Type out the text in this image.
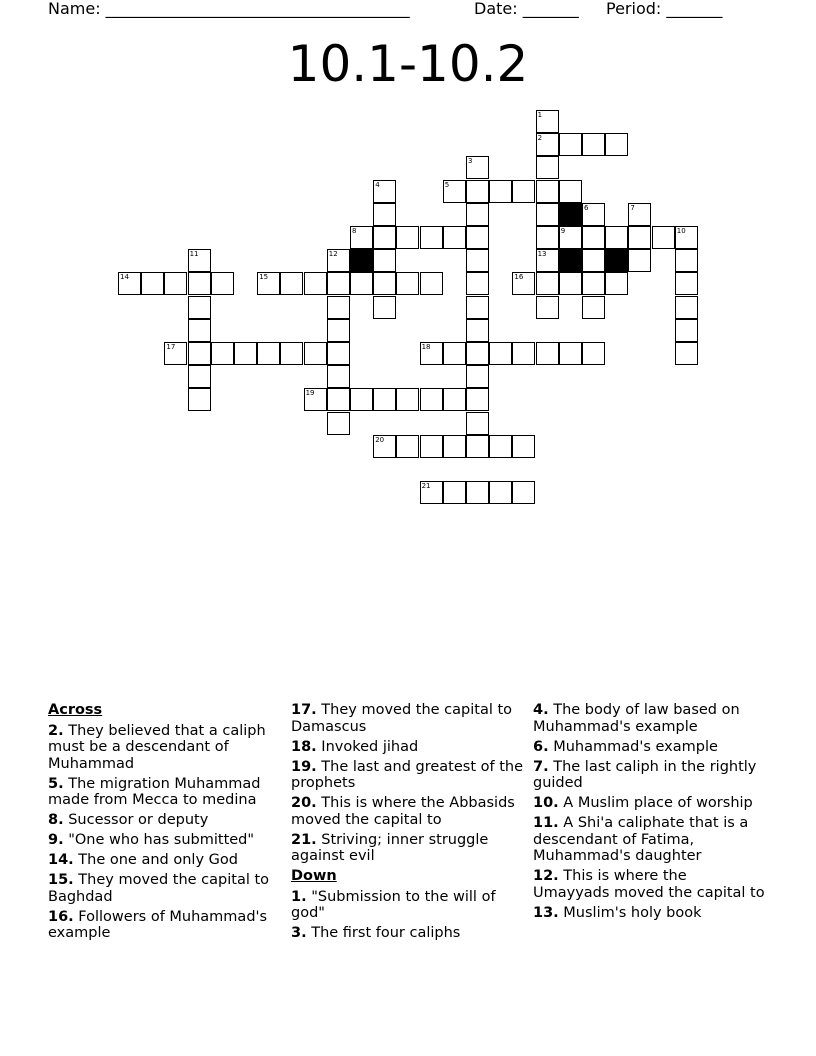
Name: ______________________________________	Date: _______ Period: _______
10.1-10.2
2
5
8	9	10
14	15	16
17	18
19
20
21
1
13
3
4
6	7
11	12
Across
2. They believed that a caliph must be a descendant of Muhammad
5. The migration Muhammad made from Mecca to medina
8. Sucessor or deputy
9. "One who has submitted"
14. The one and only God
15. They moved the capital to Baghdad
16. Followers of Muhammad's example
17. They moved the capital to Damascus
18. Invoked jihad
19. The last and greatest of the prophets
20. This is where the Abbasids moved the capital to
21. Striving; inner struggle against evil
Down
1. "Submission to the will of god"
3. The first four caliphs
4. The body of law based on Muhammad's example
6. Muhammad's example
7. The last caliph in the rightly guided
10. A Muslim place of worship
11. A Shi'a caliphate that is a descendant of Fatima, Muhammad's daughter
12. This is where the Umayyads moved the capital to
13. Muslim's holy book
